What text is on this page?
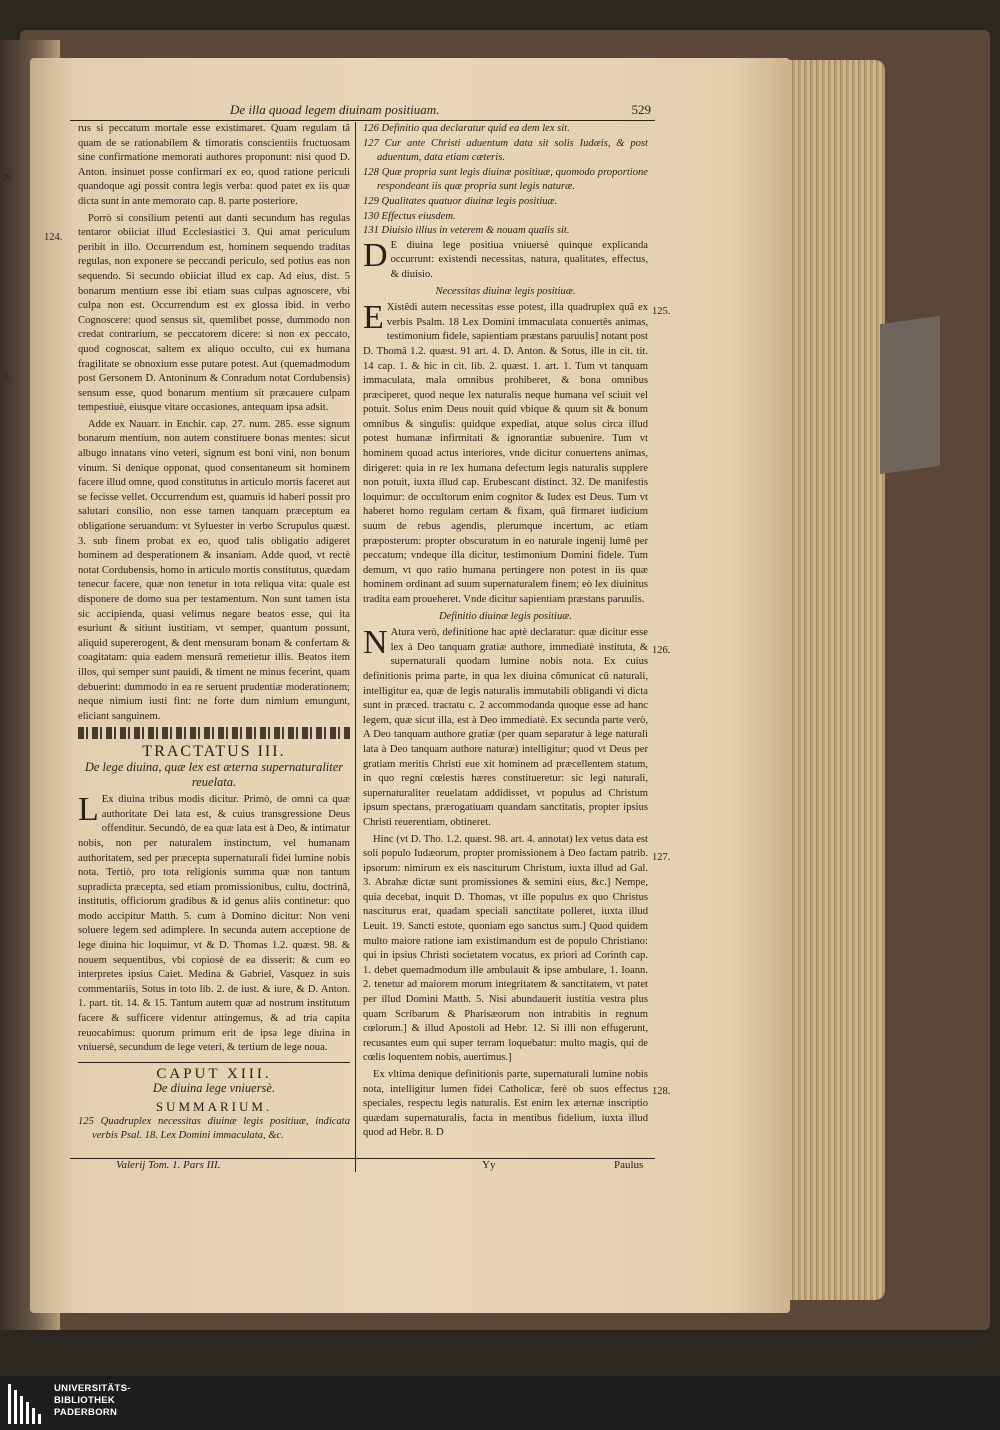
De illa quoad legem diuinam positiuam.	529

rus si peccatum mortale esse existimaret. Quam regulam tã quam de se rationabilem & timoratis conscientiis fructuosam sine confirmatione memorati authores proponunt: nisi quod D. Anton. insinuet posse confirmari ex eo, quod ratione periculi quandoque agi possit contra legis verba: quod patet ex iis quæ dicta sunt in ante memorato cap. 8. parte posteriore.

Porrò si consilium petenti aut danti secundum has regulas tentaror obiiciat illud Ecclesiastici 3. Qui amat periculum peribit in illo. Occurrendum est, hominem sequendo traditas regulas, non exponere se peccandi periculo, sed potius eas non sequendo. Si secundo obiiciat illud ex cap. Ad eius, dist. 5 bonarum mentium esse ibi etiam suas culpas agnoscere, vbi culpa non est. Occurrendum est ex glossa ibid. in verbo Cognoscere: quod sensus sit, quemlibet posse, dummodo non credat contrarium, se peccatorem dicere: si non ex peccato, quod cognoscat, saltem ex aliquo occulto, cui ex humana fragilitate se obnoxium esse putare potest. Aut (quemadmodum post Gersonem D. Antoninum & Conradum notat Cordubensis) sensum esse, quod bonarum mentium sit præcauere culpam tempestiuè, eiusque vitare occasiones, antequam ipsa adsit.

Adde ex Nauarr. in Enchir. cap. 27. num. 285. esse signum bonarum mentium, non autem constituere bonas mentes: sicut albugo innatans vino veteri, signum est boni vini, non bonum vinum. Si denique opponat, quod consentaneum sit hominem facere illud omne, quod constitutus in articulo mortis faceret aut se fecisse vellet. Occurrendum est, quamuis id haberi possit pro salutari consilio, non esse tamen tanquam præceptum ea obligatione seruandum: vt Syluester in verbo Scrupulus quæst. 3. sub finem probat ex eo, quod talis obligatio adigeret hominem ad desperationem & insaniam. Adde quod, vt rectè notat Cordubensis, homo in articulo mortis constitutus, quædam tenecur facere, quæ non tenetur in tota reliqua vita: quale est disponere de domo sua per testamentum. Non sunt tamen ista sic accipienda, quasi velimus negare beatos esse, qui ita esuriunt & sitiunt iustitiam, vt semper, quantum possunt, aliquid supererogent, & dent mensuram bonam & confertam & coagitatam: quia eadem mensurâ remetietur illis. Beatos item illos, qui semper sunt pauidi, & timent ne minus fecerint, quam debuerint: dummodo in ea re seruent prudentiæ moderationem; neque nimium iusti fint: ne forte dum nimium emungunt, eliciant sanguinem.

TRACTATUS III.

De lege diuina, quæ lex est æterna supernaturaliter reuelata.

L Ex diuina tribus modis dicitur. Primò, de omni ca quæ authoritate Dei lata est, & cuius transgressione Deus offenditur. Secundò, de ea quæ lata est à Deo, & intimatur nobis, non per naturalem instinctum, vel humanam authoritatem, sed per præcepta supernaturali fidei lumine nobis nota. Tertiò, pro tota religionis summa quæ non tantum supradicta præcepta, sed etiam promissionibus, cultu, doctrinâ, institutis, officiorum gradibus & id genus aliis continetur: quo modo accipitur Matth. 5. cum à Domino dicitur: Non veni soluere legem sed adimplere. In secunda autem acceptione de lege diuina hic loquimur, vt & D. Thomas 1.2. quæst. 98. & nouem sequentibus, vbi copiosè de ea disserit: & cum eo interpretes ipsius Caiet. Medina & Gabriel, Vasquez in suis commentariis, Sotus in toto lib. 2. de iust. & iure, & D. Anton. 1. part. tit. 14. & 15. Tantum autem quæ ad nostrum institutum facere & sufficere videntur attingemus, & ad tria capita reuocabimus: quorum primum erit de ipsa lege diuina in vniuersè, secundum de lege veteri, & tertium de lege noua.

CAPUT XIII.

De diuina lege vniuersè.

SUMMARIUM.

125 Quadruplex necessitas diuinæ legis positiuæ, indicata verbis Psal. 18. Lex Domini immaculata, &c.

126 Definitio qua declaratur quid ea dem lex sit.

127 Cur ante Christi aduentum data sit solis Iudæis, & post aduentum, data etiam cæteris.

128 Quæ propria sunt legis diuinæ positiuæ, quomodo proportione respondeant iis quæ propria sunt legis naturæ.

129 Qualitates quatuor diuinæ legis positiuæ.

130 Effectus eiusdem.

131 Diuisio illius in veterem & nouam qualis sit.

D E diuina lege positiua vniuersè quinque explicanda occurrunt: existendi necessitas, natura, qualitates, effectus, & diuisio.

Necessitas diuinæ legis positiuæ.

E Xistêdi autem necessitas esse potest, illa quadruplex quã ex verbis Psalm. 18 Lex Domini immaculata conuertês animas, testimonium fidele, sapientiam præstans paruulis] notant post D. Thomã 1.2. quæst. 91 art. 4. D. Anton. & Sotus, ille in cit. tit. 14 cap. 1. & hic in cit. lib. 2. quæst. 1. art. 1. Tum vt tanquam immaculata, mala omnibus prohiberet, & bona omnibus præciperet, quod neque lex naturalis neque humana vel sciuit vel potuit. Solus enim Deus nouit quid vbique & quum sit & bonum omnibus & singulis: quidque expediat, atque solus circa illud potest humanæ infirmitati & ignorantiæ subuenire. Tum vt hominem quoad actus interiores, vnde dicitur conuertens animas, dirigeret: quia in re lex humana defectum legis naturalis supplere non potuit, iuxta illud cap. Erubescant distinct. 32. De manifestis loquimur: de occultorum enim cognitor & Iudex est Deus. Tum vt haberet homo regulam certam & fixam, quã firmaret iudicium suum de rebus agendis, plerumque incertum, ac etiam præposterum: propter obscuratum in eo naturale ingenij lumê per peccatum; vndeque illa dicitur, testimonium Domini fidele. Tum demum, vt quo ratio humana pertingere non potest in iis quæ hominem ordinant ad suum supernaturalem finem; eò lex diuinitus tradita eam proueheret. Vnde dicitur sapientiam præstans paruulis.

Definitio diuinæ legis positiuæ.

N Atura verò, definitione hac aptè declaratur: quæ dicitur esse lex à Deo tanquam gratiæ authore, immediatè instituta, & supernaturali quodam lumine nobis nota. Ex cuius definitionis prima parte, in qua lex diuina cõmunicat cũ naturali, intelligitur ea, quæ de legis naturalis immutabili obligandi vi dicta sunt in præced. tractatu c. 2 accommodanda quoque esse ad hanc legem, quæ sicut illa, est à Deo immediatè. Ex secunda parte verò, A Deo tanquam authore gratiæ (per quam separatur à lege naturali lata à Deo tanquam authore naturæ) intelligitur; quod vt Deus per gratiam meritis Christi eue xit hominem ad præcellentem statum, in quo regni cœlestis hæres constitueretur: sic legi naturali, supernaturaliter reuelatam addidisset, vt populus ad Christum ipsum spectans, prærogatiuam quandam sanctitatis, propter ipsius Christi reuerentiam, obtineret.

Hinc (vt D. Tho. 1.2. quæst. 98. art. 4. annotat) lex vetus data est soli populo Iudæorum, propter promissionem à Deo factam patrib. ipsorum: nimirum ex eis nasciturum Christum, iuxta illud ad Gal. 3. Abrahæ dictæ sunt promissiones & semini eius, &c.] Nempe, quia decebat, inquit D. Thomas, vt ille populus ex quo Christus nasciturus erat, quadam speciali sanctitate polleret, iuxta illud Leuit. 19. Sancti estote, quoniam ego sanctus sum.] Quod quidem multo maiore ratione iam existimandum est de populo Christiano: qui in ipsius Christi societatem vocatus, ex priori ad Corinth cap. 1. debet quemadmodum ille ambulauit & ipse ambulare, 1. Ioann. 2. tenetur ad maiorem morum integritatem & sanctitatem, vt patet per illud Domini Matth. 5. Nisi abundauerit iustitia vestra plus quam Scribarum & Pharisæorum non intrabitis in regnum cœlorum.] & illud Apostoli ad Hebr. 12. Si illi non effugerunt, recusantes eum qui super terram loquebatur: multo magis, qui de cœlis loquentem nobis, auertimus.]

Ex vltima denique definitionis parte, supernaturali lumine nobis nota, intelligitur lumen fidei Catholicæ, ferè ob suos effectus speciales, respectu legis naturalis. Est enim lex æternæ inscriptio quædam supernaturalis, facta in mentibus fidelium, iuxta illud quod ad Hebr. 8. D

124.
125.
126.
127.
128.
26.
1.
Valerij Tom. 1. Pars III.	Yy	Paulus
UNIVERSITÄTS-
BIBLIOTHEK
PADERBORN
